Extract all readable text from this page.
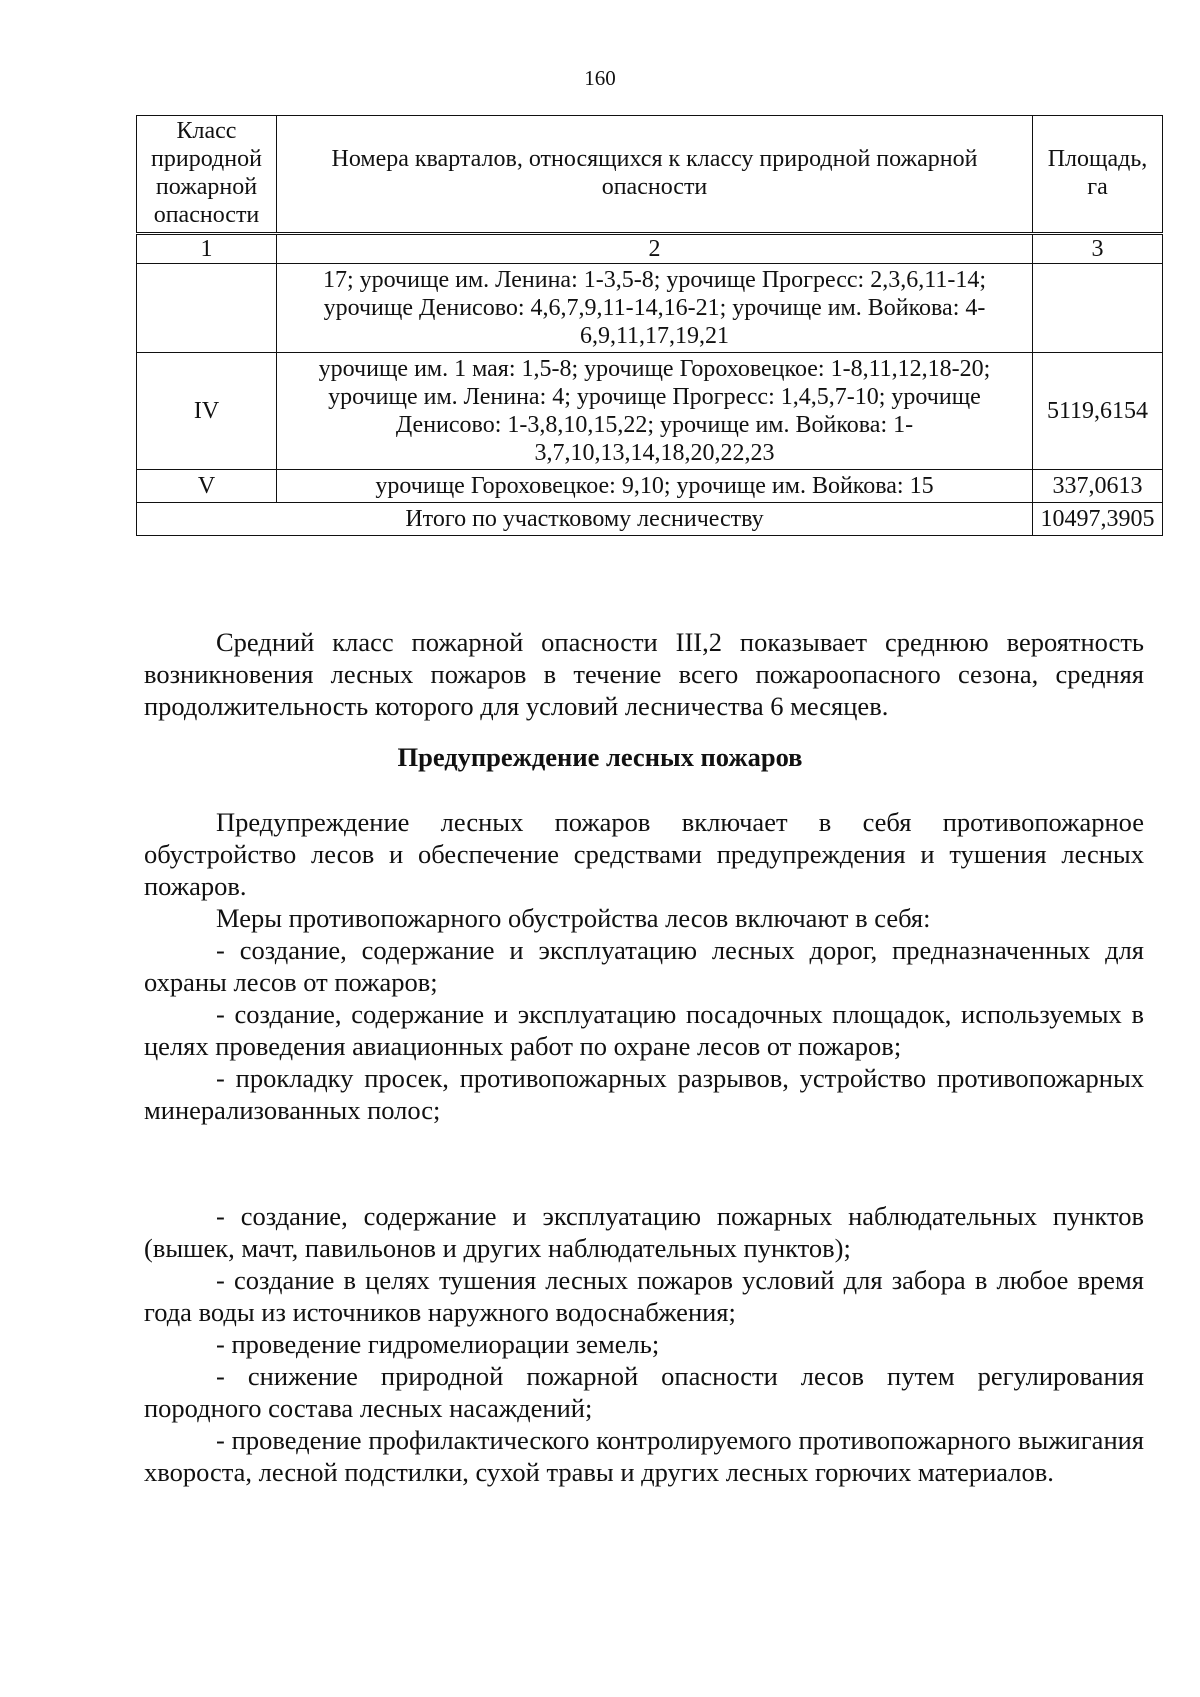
160
Класс природной пожарной опасности	Номера кварталов, относящихся к классу природной пожарной опасности	Площадь, га
1	2	3
	17; урочище им. Ленина: 1-3,5-8; урочище Прогресс: 2,3,6,11-14; урочище Денисово: 4,6,7,9,11-14,16-21; урочище им. Войкова: 4-6,9,11,17,19,21	
IV	урочище им. 1 мая: 1,5-8; урочище Гороховецкое: 1-8,11,12,18-20; урочище им. Ленина: 4; урочище Прогресс: 1,4,5,7-10; урочище Денисово: 1-3,8,10,15,22; урочище им. Войкова: 1-3,7,10,13,14,18,20,22,23	5119,6154
V	урочище Гороховецкое: 9,10; урочище им. Войкова: 15	337,0613
Итого по участковому лесничеству		10497,3905

Средний класс пожарной опасности III,2 показывает среднюю вероятность возникновения лесных пожаров в течение всего пожароопасного сезона, средняя продолжительность которого для условий лесничества 6 месяцев.

Предупреждение лесных пожаров

Предупреждение лесных пожаров включает в себя противопожарное обустройство лесов и обеспечение средствами предупреждения и тушения лесных пожаров.

Меры противопожарного обустройства лесов включают в себя:

- создание, содержание и эксплуатацию лесных дорог, предназначенных для охраны лесов от пожаров;

- создание, содержание и эксплуатацию посадочных площадок, используемых в целях проведения авиационных работ по охране лесов от пожаров;

- прокладку просек, противопожарных разрывов, устройство противопожарных минерализованных полос;

- создание, содержание и эксплуатацию пожарных наблюдательных пунктов (вышек, мачт, павильонов и других наблюдательных пунктов);

- создание в целях тушения лесных пожаров условий для забора в любое время года воды из источников наружного водоснабжения;

- проведение гидромелиорации земель;

- снижение природной пожарной опасности лесов путем регулирования породного состава лесных насаждений;

- проведение профилактического контролируемого противопожарного выжигания хвороста, лесной подстилки, сухой травы и других лесных горючих материалов.
